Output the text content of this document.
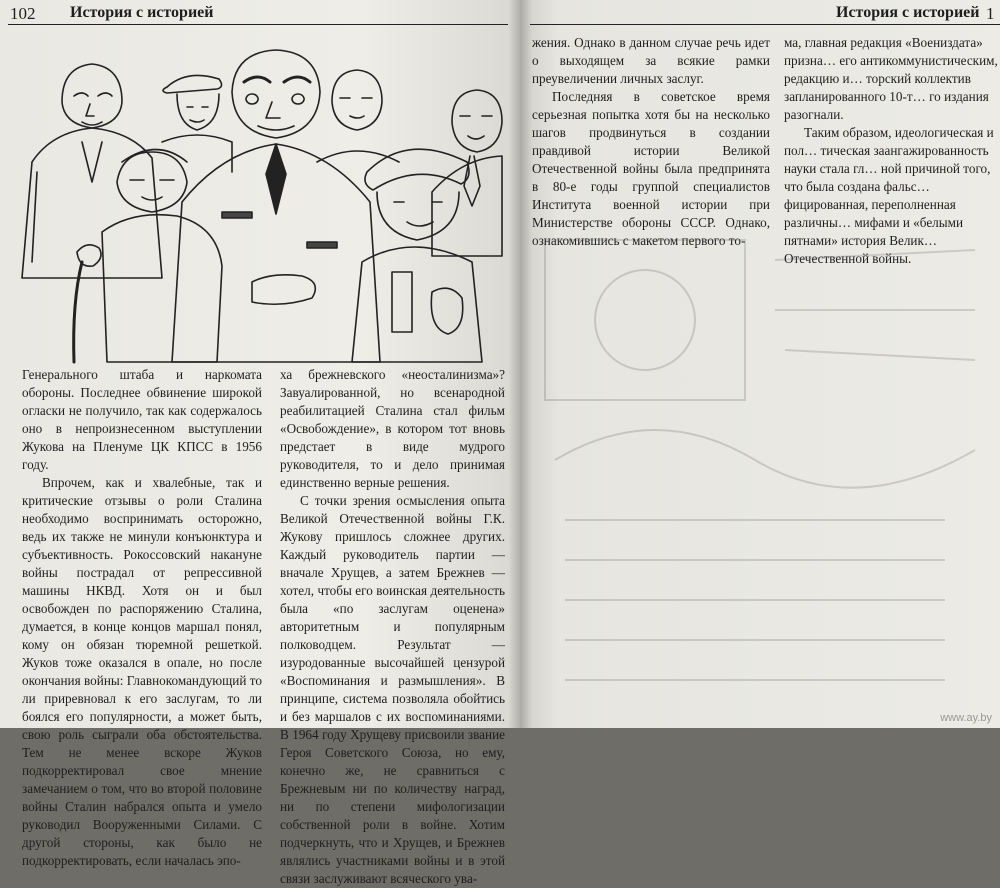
102 История с историей

Генерального штаба и наркомата обороны. Последнее обвинение широкой огласки не получило, так как содержалось оно в непроизнесенном выступлении Жукова на Пленуме ЦК КПСС в 1956 году.

Впрочем, как и хвалебные, так и критические отзывы о роли Сталина необходимо воспринимать осторожно, ведь их также не минули конъюнктура и субъективность. Рокоссовский накануне войны пострадал от репрессивной машины НКВД. Хотя он и был освобожден по распоряжению Сталина, думается, в конце концов маршал понял, кому он обязан тюремной решеткой. Жуков тоже оказался в опале, но после окончания войны: Главнокомандующий то ли приревновал к его заслугам, то ли боялся его популярности, а может быть, свою роль сыграли оба обстоятельства. Тем не менее вскоре Жуков подкорректировал свое мнение замечанием о том, что во второй половине войны Сталин набрался опыта и умело руководил Вооруженными Силами. С другой стороны, как было не подкорректировать, если началась эпо-

ха брежневского «неосталинизма»? Завуалированной, но всенародной реабилитацией Сталина стал фильм «Освобождение», в котором тот вновь предстает в виде мудрого руководителя, то и дело принимая единственно верные решения.

С точки зрения осмысления опыта Великой Отечественной войны Г.К. Жукову пришлось сложнее других. Каждый руководитель партии — вначале Хрущев, а затем Брежнев — хотел, чтобы его воинская деятельность была «по заслугам оценена» авторитетным и популярным полководцем. Результат — изуродованные высочайшей цензурой «Воспоминания и размышления». В принципе, система позволяла обойтись и без маршалов с их воспоминаниями. В 1964 году Хрущеву присвоили звание Героя Советского Союза, но ему, конечно же, не сравниться с Брежневым ни по количеству наград, ни по степени мифологизации собственной роли в войне. Хотим подчеркнуть, что и Хрущев, и Брежнев являлись участниками войны и в этой связи заслуживают всяческого ува-

История с историей 1

жения. Однако в данном случае речь идет о выходящем за всякие рамки преувеличении личных заслуг.

Последняя в советское время серьезная попытка хотя бы на несколько шагов продвинуться в создании правдивой истории Великой Отечественной войны была предпринята в 80-е годы группой специалистов Института военной истории при Министерстве обороны СССР. Однако, ознакомившись с макетом первого то-

ма, главная редакция «Воениздата» призна… его антикоммунистическим, редакцию и… торский коллектив запланированного 10-т… го издания разогнали.

Таким образом, идеологическая и пол… тическая заангажированность науки стала гл… ной причиной того, что была создана фальс… фицированная, переполненная различны… мифами и «белыми пятнами» история Велик… Отечественной войны.

www.ay.by
